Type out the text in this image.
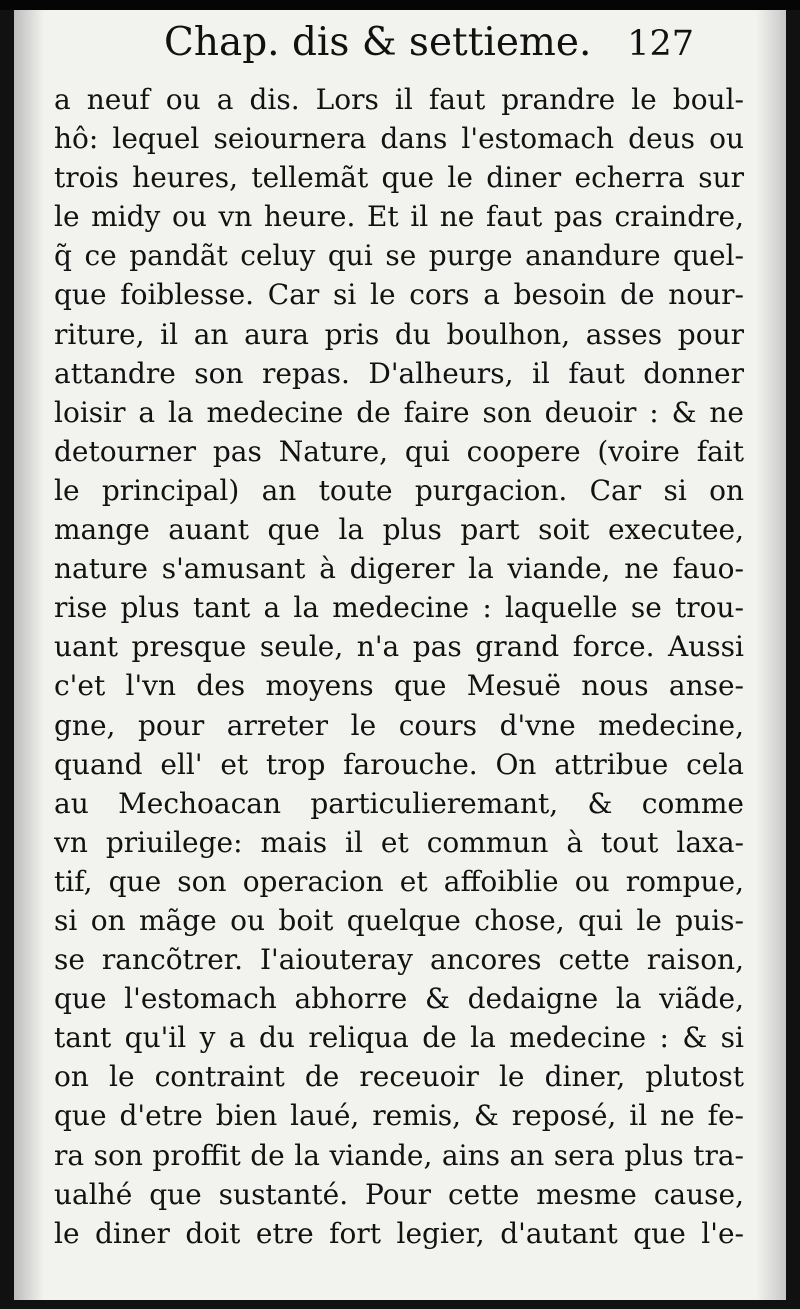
Chap. dis & settieme. 127
a neuf ou a dis. Lors il faut prandre le boul-
hô: lequel seiournera dans l'estomach deus ou
trois heures, tellemãt que le diner echerra sur
le midy ou vn heure. Et il ne faut pas craindre,
q̃ ce pandãt celuy qui se purge anandure quel-
que foiblesse. Car si le cors a besoin de nour-
riture, il an aura pris du boulhon, asses pour
attandre son repas. D'alheurs, il faut donner
loisir a la medecine de faire son deuoir : & ne
detourner pas Nature, qui coopere (voire fait
le principal) an toute purgacion. Car si on
mange auant que la plus part soit executee,
nature s'amusant à digerer la viande, ne fauo-
rise plus tant a la medecine : laquelle se trou-
uant presque seule, n'a pas grand force. Aussi
c'et l'vn des moyens que Mesuë nous anse-
gne, pour arreter le cours d'vne medecine,
quand ell' et trop farouche. On attribue cela
au Mechoacan particulieremant, & comme
vn priuilege: mais il et commun à tout laxa-
tif, que son operacion et affoiblie ou rompue,
si on mãge ou boit quelque chose, qui le puis-
se rancõtrer. I'aiouteray ancores cette raison,
que l'estomach abhorre & dedaigne la viãde,
tant qu'il y a du reliqua de la medecine : & si
on le contraint de receuoir le diner, plutost
que d'etre bien laué, remis, & reposé, il ne fe-
ra son proffit de la viande, ains an sera plus tra-
ualhé que sustanté. Pour cette mesme cause,
le diner doit etre fort legier, d'autant que l'e-
